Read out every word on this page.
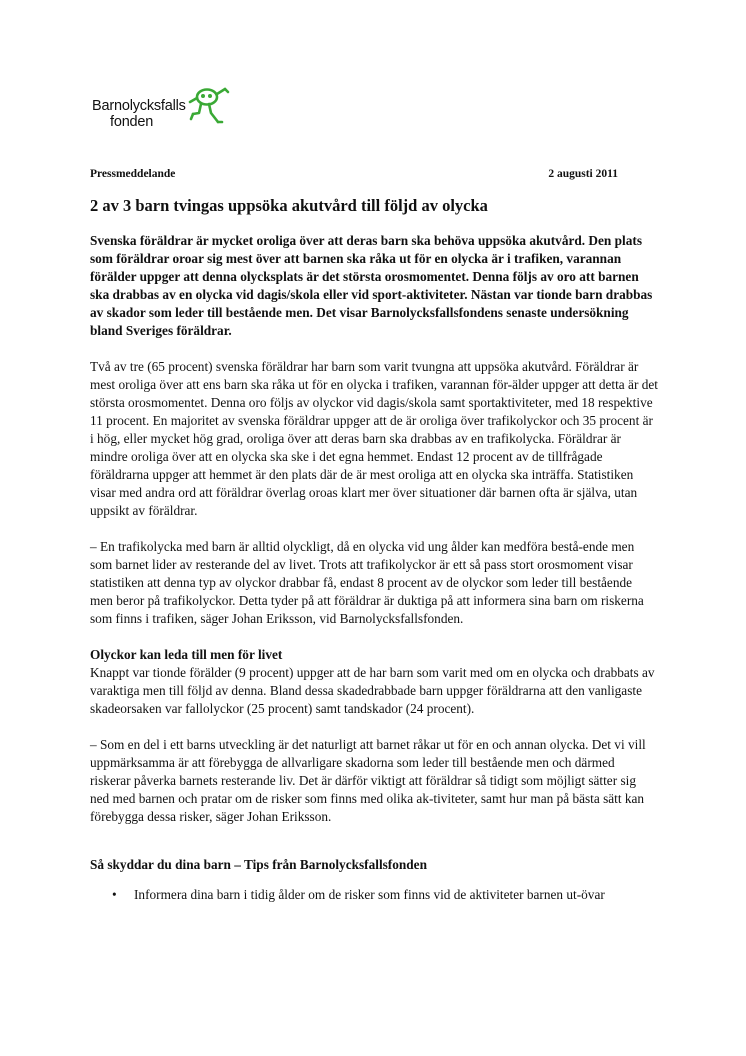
Barnolycksfalls
fonden
Pressmeddelande	2 augusti 2011
2 av 3 barn tvingas uppsöka akutvård till följd av olycka

Svenska föräldrar är mycket oroliga över att deras barn ska behöva uppsöka akutvård. Den plats som föräldrar oroar sig mest över att barnen ska råka ut för en olycka är i trafiken, varannan förälder uppger att denna olycksplats är det största orosmomentet. Denna följs av oro att barnen ska drabbas av en olycka vid dagis/skola eller vid sport-aktiviteter. Nästan var tionde barn drabbas av skador som leder till bestående men. Det visar Barnolycksfallsfondens senaste undersökning bland Sveriges föräldrar.

Två av tre (65 procent) svenska föräldrar har barn som varit tvungna att uppsöka akutvård. Föräldrar är mest oroliga över att ens barn ska råka ut för en olycka i trafiken, varannan för-älder uppger att detta är det största orosmomentet. Denna oro följs av olyckor vid dagis/skola samt sportaktiviteter, med 18 respektive 11 procent. En majoritet av svenska föräldrar uppger att de är oroliga över trafikolyckor och 35 procent är i hög, eller mycket hög grad, oroliga över att deras barn ska drabbas av en trafikolycka. Föräldrar är mindre oroliga över att en olycka ska ske i det egna hemmet. Endast 12 procent av de tillfrågade föräldrarna uppger att hemmet är den plats där de är mest oroliga att en olycka ska inträffa. Statistiken visar med andra ord att föräldrar överlag oroas klart mer över situationer där barnen ofta är själva, utan uppsikt av föräldrar.

– En trafikolycka med barn är alltid olyckligt, då en olycka vid ung ålder kan medföra bestå-ende men som barnet lider av resterande del av livet. Trots att trafikolyckor är ett så pass stort orosmoment visar statistiken att denna typ av olyckor drabbar få, endast 8 procent av de olyckor som leder till bestående men beror på trafikolyckor. Detta tyder på att föräldrar är duktiga på att informera sina barn om riskerna som finns i trafiken, säger Johan Eriksson, vid Barnolycksfallsfonden.

Olyckor kan leda till men för livet

Knappt var tionde förälder (9 procent) uppger att de har barn som varit med om en olycka och drabbats av varaktiga men till följd av denna. Bland dessa skadedrabbade barn uppger föräldrarna att den vanligaste skadeorsaken var fallolyckor (25 procent) samt tandskador (24 procent).

– Som en del i ett barns utveckling är det naturligt att barnet råkar ut för en och annan olycka. Det vi vill uppmärksamma är att förebygga de allvarligare skadorna som leder till bestående men och därmed riskerar påverka barnets resterande liv. Det är därför viktigt att föräldrar så tidigt som möjligt sätter sig ned med barnen och pratar om de risker som finns med olika ak-tiviteter, samt hur man på bästa sätt kan förebygga dessa risker, säger Johan Eriksson.

Så skyddar du dina barn – Tips från Barnolycksfallsfonden

• Informera dina barn i tidig ålder om de risker som finns vid de aktiviteter barnen ut-övar
